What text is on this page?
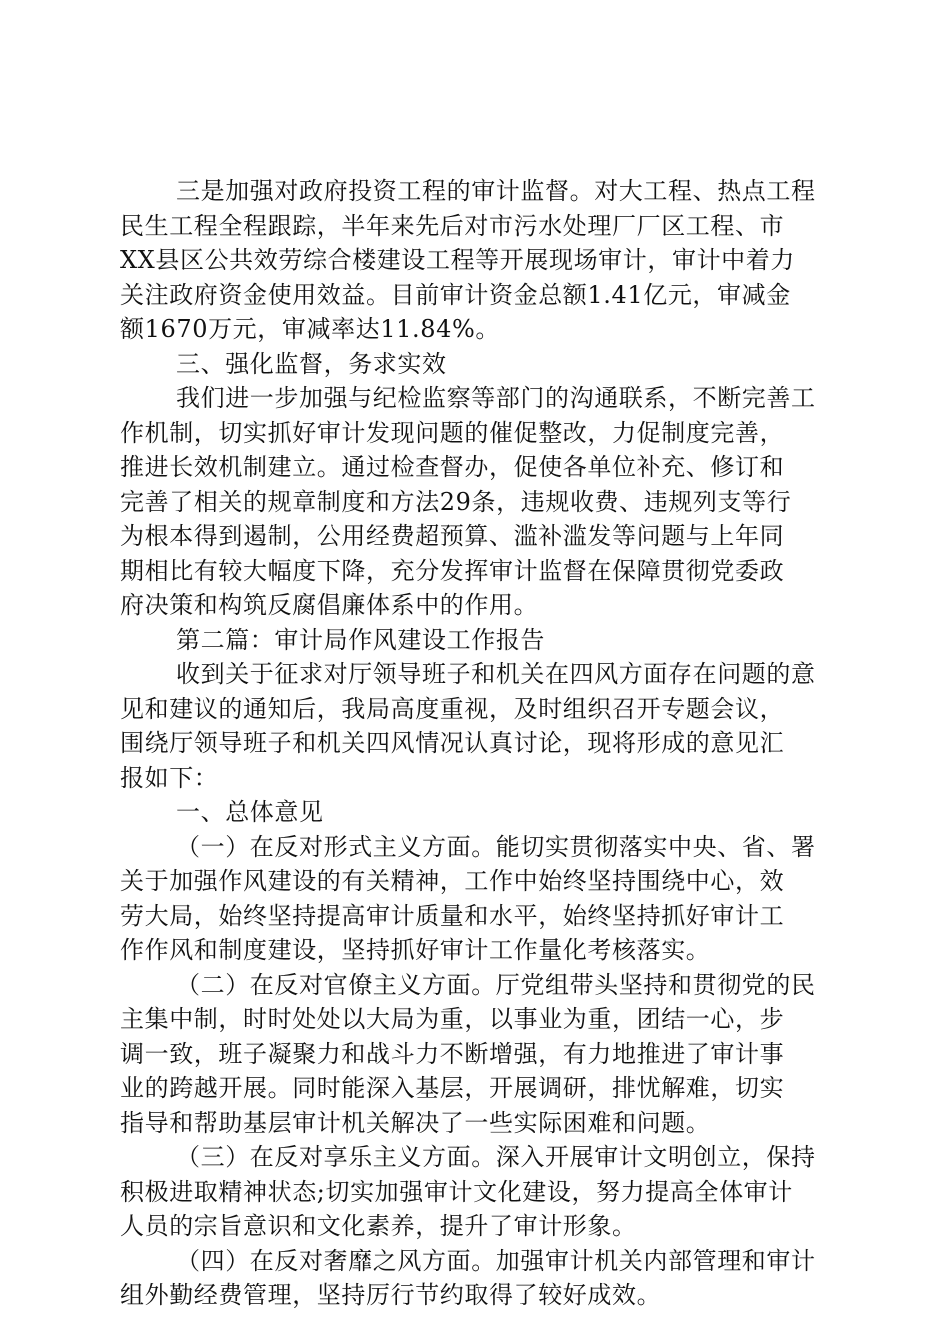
三是加强对政府投资工程的审计监督。对大工程、热点工程
民生工程全程跟踪，半年来先后对市污水处理厂厂区工程、市
XX县区公共效劳综合楼建设工程等开展现场审计，审计中着力
关注政府资金使用效益。目前审计资金总额1.41亿元，审减金
额1670万元，审减率达11.84%。
三、强化监督，务求实效
我们进一步加强与纪检监察等部门的沟通联系，不断完善工
作机制，切实抓好审计发现问题的催促整改，力促制度完善，
推进长效机制建立。通过检查督办，促使各单位补充、修订和
完善了相关的规章制度和方法29条，违规收费、违规列支等行
为根本得到遏制，公用经费超预算、滥补滥发等问题与上年同
期相比有较大幅度下降，充分发挥审计监督在保障贯彻党委政
府决策和构筑反腐倡廉体系中的作用。
第二篇：审计局作风建设工作报告
收到关于征求对厅领导班子和机关在四风方面存在问题的意
见和建议的通知后，我局高度重视，及时组织召开专题会议，
围绕厅领导班子和机关四风情况认真讨论，现将形成的意见汇
报如下：
一、总体意见
（一）在反对形式主义方面。能切实贯彻落实中央、省、署
关于加强作风建设的有关精神，工作中始终坚持围绕中心，效
劳大局，始终坚持提高审计质量和水平，始终坚持抓好审计工
作作风和制度建设，坚持抓好审计工作量化考核落实。
（二）在反对官僚主义方面。厅党组带头坚持和贯彻党的民
主集中制，时时处处以大局为重，以事业为重，团结一心，步
调一致，班子凝聚力和战斗力不断增强，有力地推进了审计事
业的跨越开展。同时能深入基层，开展调研，排忧解难，切实
指导和帮助基层审计机关解决了一些实际困难和问题。
（三）在反对享乐主义方面。深入开展审计文明创立，保持
积极进取精神状态;切实加强审计文化建设，努力提高全体审计
人员的宗旨意识和文化素养，提升了审计形象。
（四）在反对奢靡之风方面。加强审计机关内部管理和审计
组外勤经费管理，坚持厉行节约取得了较好成效。
